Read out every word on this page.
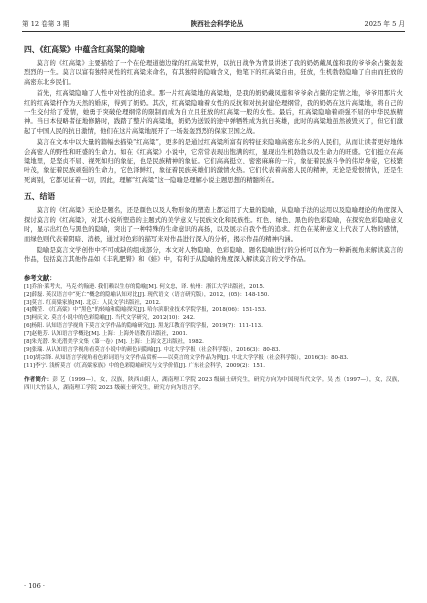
第 12 卷第 3 期	陕西社会科学论丛	2025 年 5 月
四、《红高粱》中蕴含红高粱的隐喻

莫言的《红高粱》主要描绘了一个在伦理道德边缘的红高粱世界，以抗日战争为背景讲述了我的奶奶戴凤莲和我的爷爷余占鳌轰轰烈烈的一生。莫言以富有独特灵性的红高粱来命名，有其独特的隐喻含义，他笔下的红高粱自由，狂放，生机勃勃隐喻了自由而狂放的高密东北乡民们。

首先，红高粱隐喻了人性中对性欲的追求。那一片红高粱地的高粱地，是我的奶奶戴凤莲和爷爷余占鳌的定情之地，爷爷用那片火红的红高粱杆作为天然的婚床，得到了奶奶。其次，红高粱隐喻着女性的反抗和对抗封建伦理纲常，我的奶奶在这片高粱地，将自己的一生交付给了爱情，她勇于突破伦理纲常的限制而成为自立且狂放的红高粱一般的女性。最后，红高粱隐喻着顽强不屈的中华民族精神。当日本侵略者征地修路时，践踏了整片的高粱地，奶奶为送饭的途中弹牺牲成为抗日英雄，此时的高粱地虽然被毁灭了，但它们激起了中国人民的抗日激情，他们在这片高粱地展开了一场轰轰烈烈的保家卫国之战。

莫言在文本中以大量的篇幅去描染“红高粱”，更多的是通过红高粱所富有的特征来隐喻高密东北乡的人民们，从而让读者更好地体会高密人的野性和旺盛的生命力。如在《红高粱》小说中，它常常表现出饱满的红，显现出生机勃勃以及生命力的旺盛。它们挺立在高粱地里，是坚贞不屈、视死如归的象征，也是民族精神的象征。它们高高挺立、密密麻麻的一片，象征着民族斗争的伟岸身姿，它枝繁叶茂，象征着民族顽强的生命力，它色泽鲜红，象征着民族英雄们的激情火热。它们代表着高密人民的精神，无论是爱恨情仇，还是生死离别，它都见证着一切，因此，理解“红高粱”这一隐喻是理解小说主题思想的精髓所在。

五、结语

莫言的《红高粱》无论是题名，还是颜色以及人物形象的塑造上都运用了大量的隐喻，从隐喻手法的运用以及隐喻理论的角度深入探讨莫言的《红高粱》，对其小说所塑造的主题式的美学意义与民族文化和民族性。红色、绿色、黑色的色彩隐喻，在探究色彩隐喻意义时，显示出红色与黑色的隐喻，突出了一种特殊的生命意识的高扬，以及展示自我个性的追求。红色在某种意义上代表了人物的感情，而绿色则代表着阴暗、消极，通过对色彩的描写来对作品进行深入的分析，揭示作品的精神内涵。

隐喻是莫言文学创作中不可或缺的组成部分，本文对人物隐喻、色彩隐喻、题名隐喻进行的分析可以作为一种新视角来解读莫言的作品，包括莫言其他作品如《丰乳肥臀》和《蛙》中，有利于从隐喻的角度深入解读莫言的文学作品。

参考文献：
[1]乔治·莱考夫，马克·约翰逊. 我们赖以生存的隐喻[M]. 何文忠，译. 杭州：浙江大学出版社，2015.
[2]薛磊. 英汉语言中“死亡”概念的隐喻认知对比[J]. 现代语文（语言研究版），2012，(05)：148-150.
[3]莫言. 红高粱家族[M]. 北京：人民文学出版社，2012.
[4]魏莹. 《红高粱》中“黑色”的转喻和隐喻探究[J]. 哈尔滨职业技术学院学报，2018(06)：151-153.
[5]柯庆文. 莫言小说中的色彩隐喻[J]. 当代文学研究，2012(10)：242.
[6]杨阳. 认知语言学视角下莫言文学作品的隐喻研究[J]. 黑龙江教育学院学报，2019(7)：111-113.
[7]赵艳芳. 认知语言学概论[M]. 上海：上海外语教育出版社，2001.
[8]朱光潜. 朱光潜美学文集（第一卷）[M]. 上海：上海文艺出版社，1982.
[9]张瑞. 从认知语言学视角看莫言小说中的颜色词隐喻[J]. 中北大学学报（社会科学版），2016(3)：80-83.
[10]胡宗锋. 从知语言学视角看色彩词语与文学作品赏析——以莫言的文学作品为例[J]. 中北大学学报（社会科学版），2016(3)：80-83.
[11]李宁. 浅析莫言《红高粱家族》中的色彩隐喻研究与文学价值[J]. 广东社会科学，2009(2)：151.
作者简介：彭 艺（1999—），女，汉族，陕西山阳人，湖南理工学院 2023 级硕士研究生，研究方向为中国现当代文学。吴 杰（1997—），女，汉族，四川大竹县人，湖南理工学院 2023 级硕士研究生，研究方向为语言学。
· 106 ·
